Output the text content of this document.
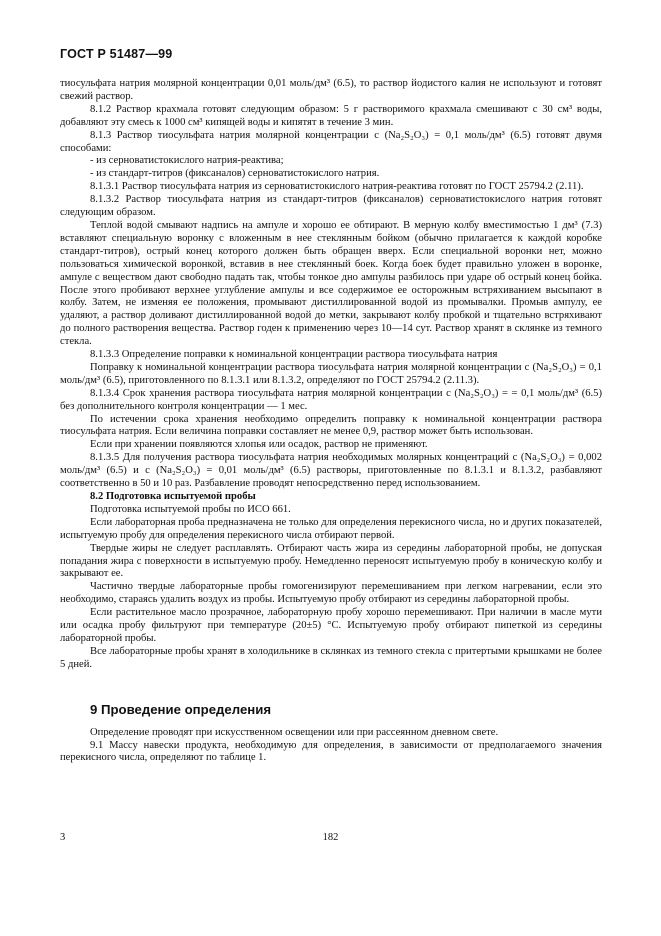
ГОСТ Р 51487—99

тиосульфата натрия молярной концентрации 0,01 моль/дм³ (6.5), то раствор йодистого калия не используют и готовят свежий раствор.

8.1.2 Раствор крахмала готовят следующим образом: 5 г растворимого крахмала смешивают с 30 см³ воды, добавляют эту смесь к 1000 см³ кипящей воды и кипятят в течение 3 мин.

8.1.3 Раствор тиосульфата натрия молярной концентрации c (Na₂S₂O₃) = 0,1 моль/дм³ (6.5) готовят двумя способами:

- из серноватистокислого натрия-реактива;

- из стандарт-титров (фиксаналов) серноватистокислого натрия.

8.1.3.1 Раствор тиосульфата натрия из серноватистокислого натрия-реактива готовят по ГОСТ 25794.2 (2.11).

8.1.3.2 Раствор тиосульфата натрия из стандарт-титров (фиксаналов) серноватистокислого натрия готовят следующим образом.

Теплой водой смывают надпись на ампуле и хорошо ее обтирают. В мерную колбу вместимостью 1 дм³ (7.3) вставляют специальную воронку с вложенным в нее стеклянным бойком (обычно прилагается к каждой коробке стандарт-титров), острый конец которого должен быть обращен вверх. Если специальной воронки нет, можно пользоваться химической воронкой, вставив в нее стеклянный боек. Когда боек будет правильно уложен в воронке, ампуле с веществом дают свободно падать так, чтобы тонкое дно ампулы разбилось при ударе об острый конец бойка. После этого пробивают верхнее углубление ампулы и все содержимое ее осторожным встряхиванием высыпают в колбу. Затем, не изменяя ее положения, промывают дистиллированной водой из промывалки. Промыв ампулу, ее удаляют, а раствор доливают дистиллированной водой до метки, закрывают колбу пробкой и тщательно встряхивают до полного растворения вещества. Раствор годен к применению через 10—14 сут. Раствор хранят в склянке из темного стекла.

8.1.3.3 Определение поправки к номинальной концентрации раствора тиосульфата натрия

Поправку к номинальной концентрации раствора тиосульфата натрия молярной концентрации c (Na₂S₂O₃) = 0,1 моль/дм³ (6.5), приготовленного по 8.1.3.1 или 8.1.3.2, определяют по ГОСТ 25794.2 (2.11.3).

8.1.3.4 Срок хранения раствора тиосульфата натрия молярной концентрации c (Na₂S₂O₃) = = 0,1 моль/дм³ (6.5) без дополнительного контроля концентрации — 1 мес.

По истечении срока хранения необходимо определить поправку к номинальной концентрации раствора тиосульфата натрия. Если величина поправки составляет не менее 0,9, раствор может быть использован.

Если при хранении появляются хлопья или осадок, раствор не применяют.

8.1.3.5 Для получения раствора тиосульфата натрия необходимых молярных концентраций c (Na₂S₂O₃) = 0,002 моль/дм³ (6.5) и c (Na₂S₂O₃) = 0,01 моль/дм³ (6.5) растворы, приготовленные по 8.1.3.1 и 8.1.3.2, разбавляют соответственно в 50 и 10 раз. Разбавление проводят непосредственно перед использованием.

8.2 Подготовка испытуемой пробы

Подготовка испытуемой пробы по ИСО 661.

Если лабораторная проба предназначена не только для определения перекисного числа, но и других показателей, испытуемую пробу для определения перекисного числа отбирают первой.

Твердые жиры не следует расплавлять. Отбирают часть жира из середины лабораторной пробы, не допуская попадания жира с поверхности в испытуемую пробу. Немедленно переносят испытуемую пробу в коническую колбу и закрывают ее.

Частично твердые лабораторные пробы гомогенизируют перемешиванием при легком нагревании, если это необходимо, стараясь удалить воздух из пробы. Испытуемую пробу отбирают из середины лабораторной пробы.

Если растительное масло прозрачное, лабораторную пробу хорошо перемешивают. При наличии в масле мути или осадка пробу фильтруют при температуре (20±5) °С. Испытуемую пробу отбирают пипеткой из середины лабораторной пробы.

Все лабораторные пробы хранят в холодильнике в склянках из темного стекла с притертыми крышками не более 5 дней.

9 Проведение определения

Определение проводят при искусственном освещении или при рассеянном дневном свете.

9.1 Массу навески продукта, необходимую для определения, в зависимости от предполагаемого значения перекисного числа, определяют по таблице 1.

3	182
